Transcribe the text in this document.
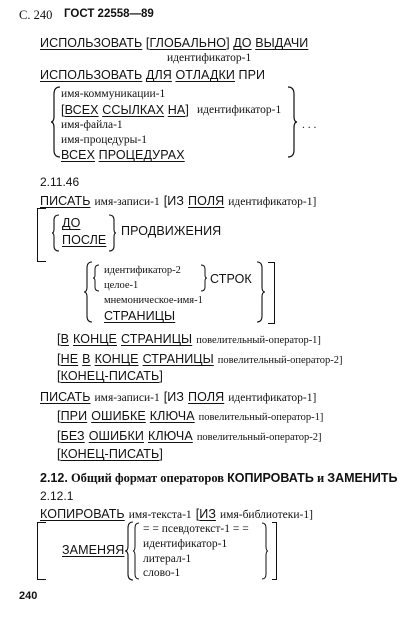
С. 240 ГОСТ 22558—89
ИСПОЛЬЗОВАТЬ [ГЛОБАЛЬНО] ДО ВЫДАЧИ
идентификатор-1
ИСПОЛЬЗОВАТЬ ДЛЯ ОТЛАДКИ ПРИ
имя-коммуникации-1
[ВСЕХ ССЫЛКАХ НА] идентификатор-1
имя-файла-1
имя-процедуры-1
ВСЕХ ПРОЦЕДУРАХ
. . .
2.11.46
ПИСАТЬ имя-записи-1 [ИЗ ПОЛЯ идентификатор-1]
ДО
ПОСЛЕ
ПРОДВИЖЕНИЯ
идентификатор-2
целое-1	СТРОК
мнемоническое-имя-1
СТРАНИЦЫ
[В КОНЦЕ СТРАНИЦЫ повелительный-оператор-1]
[НЕ В КОНЦЕ СТРАНИЦЫ повелительный-оператор-2]
[КОНЕЦ-ПИСАТЬ]
ПИСАТЬ имя-записи-1 [ИЗ ПОЛЯ идентификатор-1]
[ПРИ ОШИБКЕ КЛЮЧА повелительный-оператор-1]
[БЕЗ ОШИБКИ КЛЮЧА повелительный-оператор-2]
[КОНЕЦ-ПИСАТЬ]
2.12. Общий формат операторов КОПИРОВАТЬ и ЗАМЕНИТЬ
2.12.1
КОПИРОВАТЬ имя-текста-1 [ИЗ имя-библиотеки-1]
ЗАМЕНЯЯ
= = псевдотекст-1 = =
идентификатор-1
литерал-1
слово-1
240
